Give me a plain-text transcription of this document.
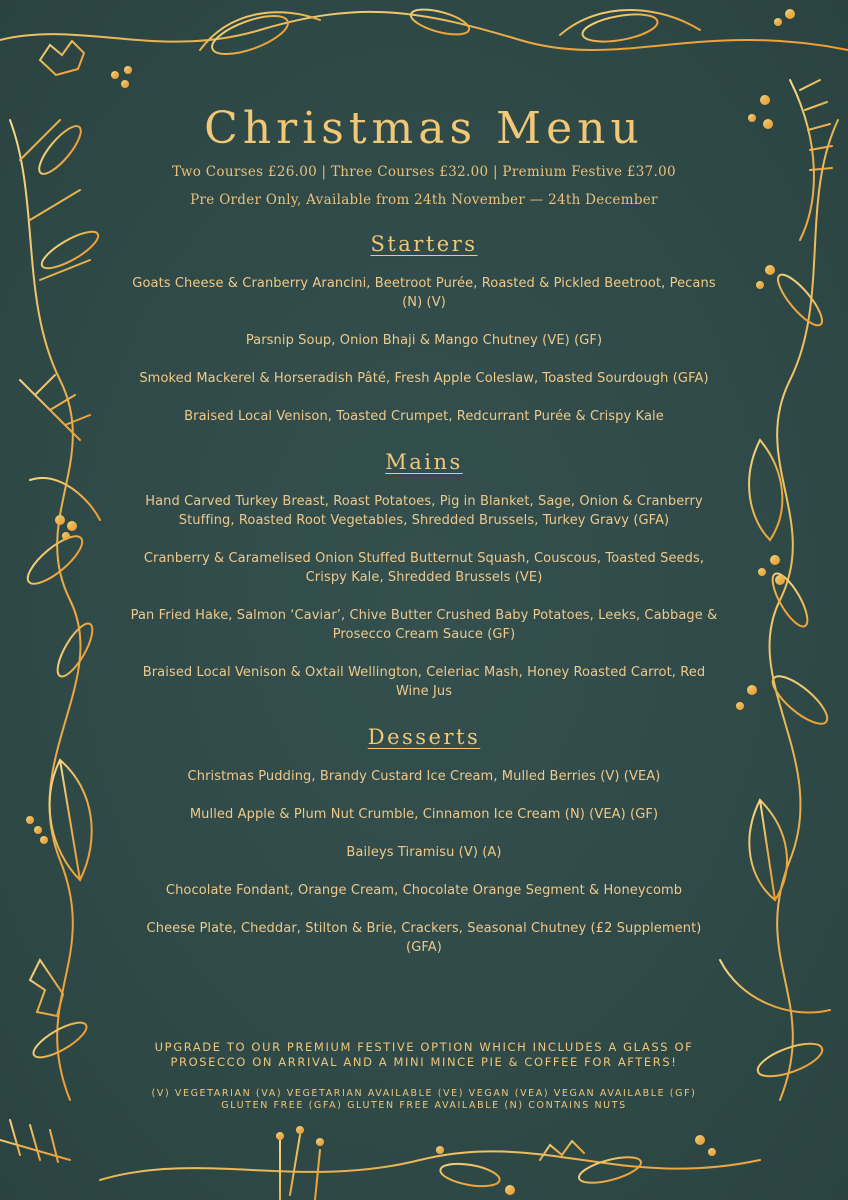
Christmas Menu
Two Courses £26.00 | Three Courses £32.00 | Premium Festive £37.00
Pre Order Only, Available from 24th November — 24th December
Starters

Goats Cheese & Cranberry Arancini, Beetroot Purée, Roasted & Pickled Beetroot, Pecans (N) (V)

Parsnip Soup, Onion Bhaji & Mango Chutney (VE) (GF)

Smoked Mackerel & Horseradish Pâté, Fresh Apple Coleslaw, Toasted Sourdough (GFA)

Braised Local Venison, Toasted Crumpet, Redcurrant Purée & Crispy Kale

Mains

Hand Carved Turkey Breast, Roast Potatoes, Pig in Blanket, Sage, Onion & Cranberry Stuffing, Roasted Root Vegetables, Shredded Brussels, Turkey Gravy (GFA)

Cranberry & Caramelised Onion Stuffed Butternut Squash, Couscous, Toasted Seeds, Crispy Kale, Shredded Brussels (VE)

Pan Fried Hake, Salmon ‘Caviar’, Chive Butter Crushed Baby Potatoes, Leeks, Cabbage & Prosecco Cream Sauce (GF)

Braised Local Venison & Oxtail Wellington, Celeriac Mash, Honey Roasted Carrot, Red Wine Jus

Desserts

Christmas Pudding, Brandy Custard Ice Cream, Mulled Berries (V) (VEA)

Mulled Apple & Plum Nut Crumble, Cinnamon Ice Cream (N) (VEA) (GF)

Baileys Tiramisu (V) (A)

Chocolate Fondant, Orange Cream, Chocolate Orange Segment & Honeycomb

Cheese Plate, Cheddar, Stilton & Brie, Crackers, Seasonal Chutney (£2 Supplement) (GFA)

UPGRADE TO OUR PREMIUM FESTIVE OPTION WHICH INCLUDES A GLASS OF PROSECCO ON ARRIVAL AND A MINI MINCE PIE & COFFEE FOR AFTERS!
(V) VEGETARIAN (VA) VEGETARIAN AVAILABLE (VE) VEGAN (VEA) VEGAN AVAILABLE (GF) GLUTEN FREE (GFA) GLUTEN FREE AVAILABLE (N) CONTAINS NUTS
